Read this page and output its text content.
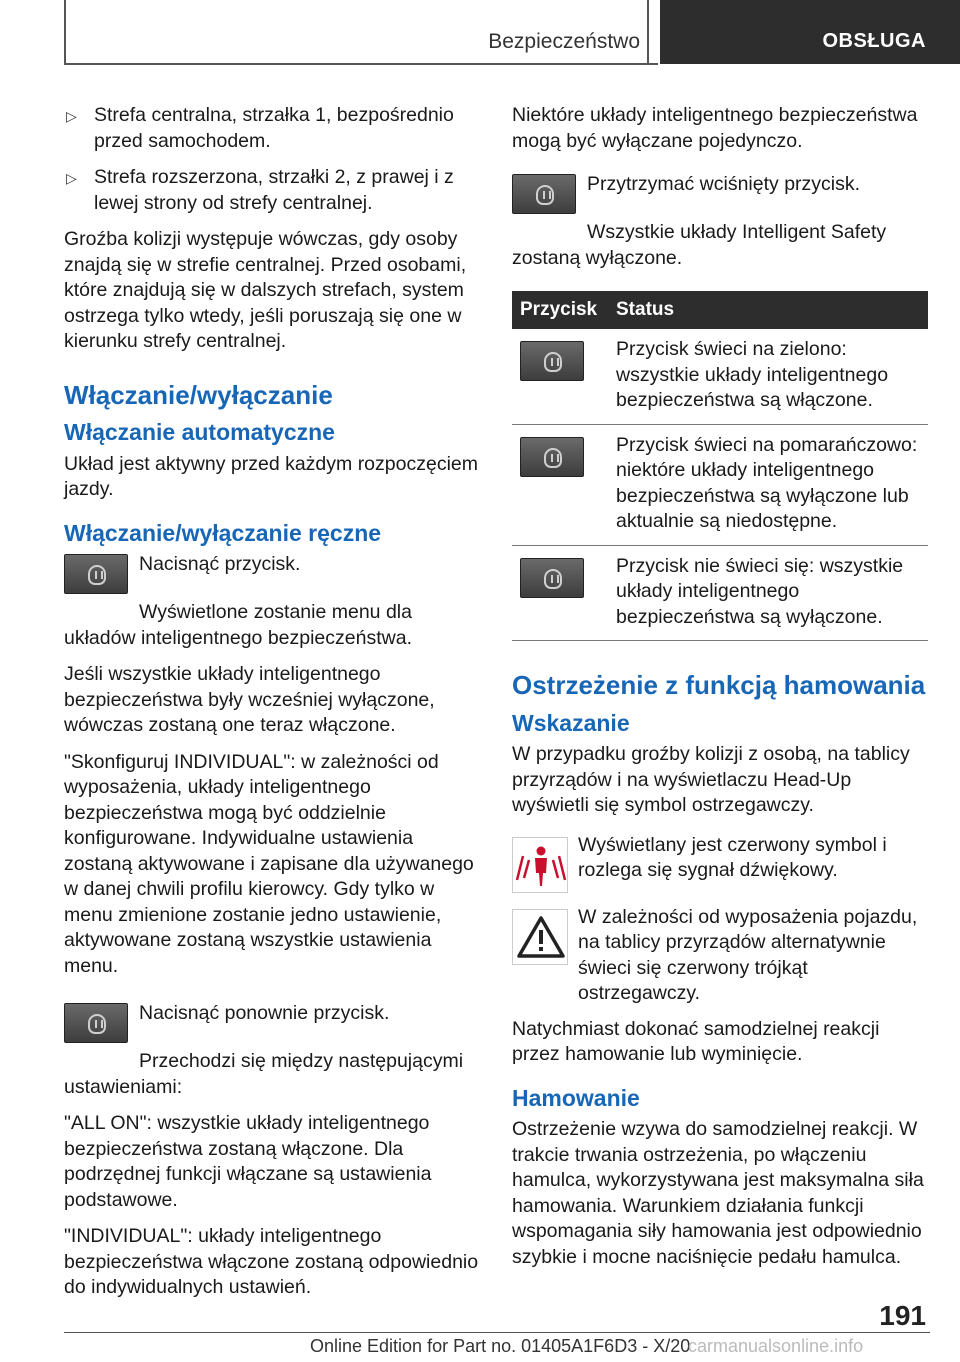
Bezpieczeństwo	OBSŁUGA
▷ Strefa centralna, strzałka 1, bezpośrednio przed samochodem.
▷ Strefa rozszerzona, strzałki 2, z prawej i z lewej strony od strefy centralnej.

Groźba kolizji występuje wówczas, gdy osoby znajdą się w strefie centralnej. Przed osobami, które znajdują się w dalszych strefach, system ostrzega tylko wtedy, jeśli poruszają się one w kierunku strefy centralnej.

Włączanie/wyłączanie
Włączanie automatyczne

Układ jest aktywny przed każdym rozpoczęciem jazdy.

Włączanie/wyłączanie ręczne

Nacisnąć przycisk.

Wyświetlone zostanie menu dla układów inteligentnego bezpieczeństwa.

Jeśli wszystkie układy inteligentnego bezpieczeństwa były wcześniej wyłączone, wówczas zostaną one teraz włączone.

"Skonfiguruj INDIVIDUAL": w zależności od wyposażenia, układy inteligentnego bezpieczeństwa mogą być oddzielnie konfigurowane. Indywidualne ustawienia zostaną aktywowane i zapisane dla używanego w danej chwili profilu kierowcy. Gdy tylko w menu zmienione zostanie jedno ustawienie, aktywowane zostaną wszystkie ustawienia menu.

Nacisnąć ponownie przycisk.

Przechodzi się między następującymi ustawieniami:

"ALL ON": wszystkie układy inteligentnego bezpieczeństwa zostaną włączone. Dla podrzędnej funkcji włączane są ustawienia podstawowe.

"INDIVIDUAL": układy inteligentnego bezpieczeństwa włączone zostaną odpowiednio do indywidualnych ustawień.

Niektóre układy inteligentnego bezpieczeństwa mogą być wyłączane pojedynczo.

Przytrzymać wciśnięty przycisk.

Wszystkie układy Intelligent Safety zostaną wyłączone.

Przycisk	Status

	Przycisk świeci na zielono: wszystkie układy inteligentnego bezpieczeństwa są włączone.

	Przycisk świeci na pomarańczowo: niektóre układy inteligentnego bezpieczeństwa są wyłączone lub aktualnie są niedostępne.

	Przycisk nie świeci się: wszystkie układy inteligentnego bezpieczeństwa są wyłączone.
Ostrzeżenie z funkcją hamowania
Wskazanie

W przypadku groźby kolizji z osobą, na tablicy przyrządów i na wyświetlaczu Head-Up wyświetli się symbol ostrzegawczy.

Wyświetlany jest czerwony symbol i rozlega się sygnał dźwiękowy.
W zależności od wyposażenia pojazdu, na tablicy przyrządów alternatywnie świeci się czerwony trójkąt ostrzegawczy.

Natychmiast dokonać samodzielnej reakcji przez hamowanie lub wyminięcie.

Hamowanie

Ostrzeżenie wzywa do samodzielnej reakcji. W trakcie trwania ostrzeżenia, po włączeniu hamulca, wykorzystywana jest maksymalna siła hamowania. Warunkiem działania funkcji wspomagania siły hamowania jest odpowiednio szybkie i mocne naciśnięcie pedału hamulca.

191
Online Edition for Part no. 01405A1F6D3 - X/20
carmanualsonline.info
